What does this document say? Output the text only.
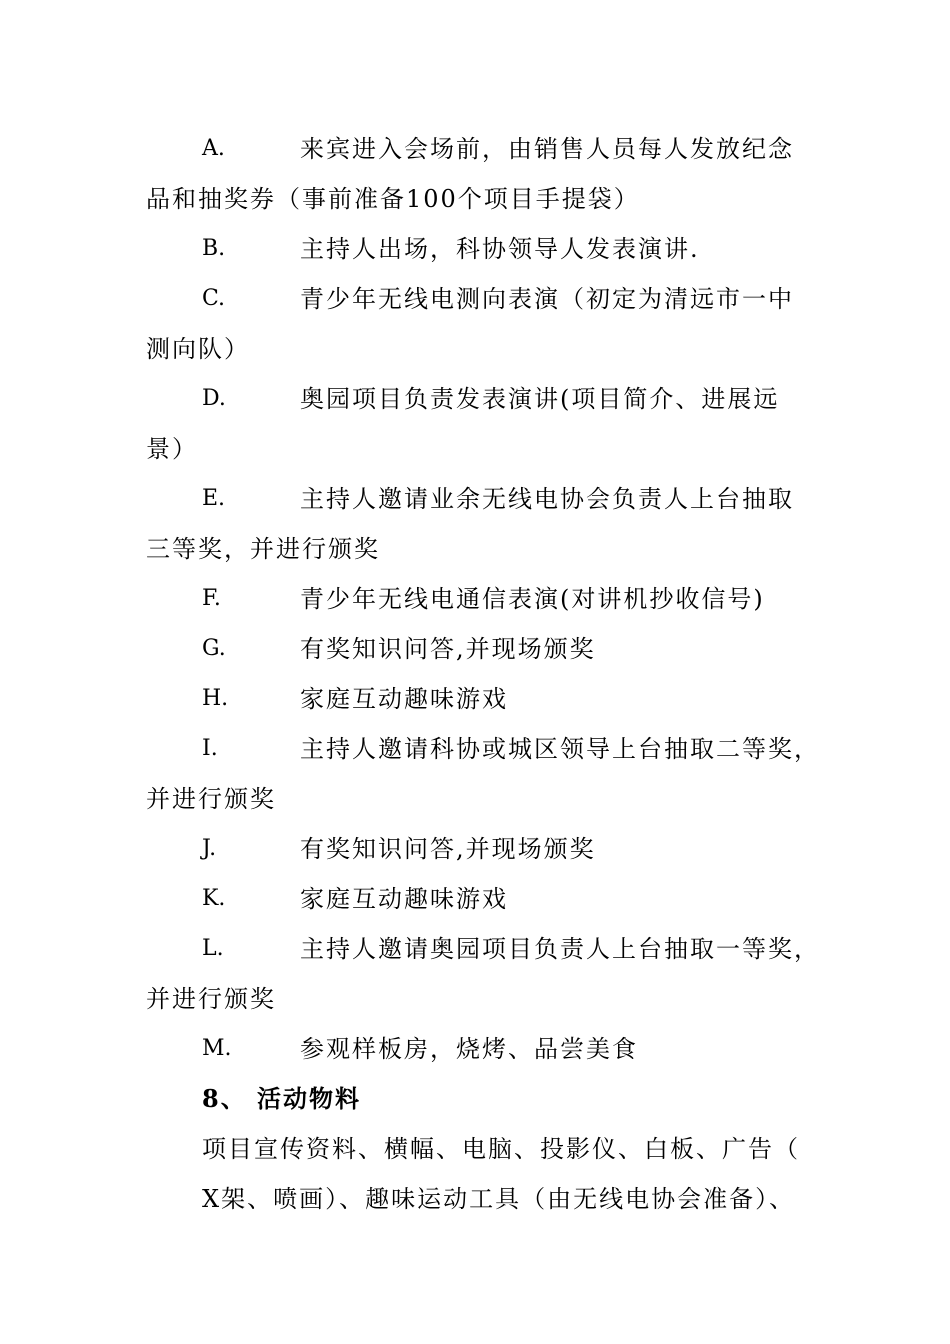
A.	来宾进入会场前，由销售人员每人发放纪念
品和抽奖券（事前准备100个项目手提袋）
B.	主持人出场，科协领导人发表演讲.
C.	青少年无线电测向表演（初定为清远市一中
测向队）
D.	奥园项目负责发表演讲(项目简介、进展远
景）
E.	主持人邀请业余无线电协会负责人上台抽取
三等奖，并进行颁奖
F.	青少年无线电通信表演(对讲机抄收信号)
G.	有奖知识问答,并现场颁奖
H.	家庭互动趣味游戏
I.	主持人邀请科协或城区领导上台抽取二等奖，
并进行颁奖
J.	有奖知识问答,并现场颁奖
K.	家庭互动趣味游戏
L.	主持人邀请奥园项目负责人上台抽取一等奖，
并进行颁奖
M.	参观样板房，烧烤、品尝美食
8、 活动物料
项目宣传资料、横幅、电脑、投影仪、白板、广告（
X架、喷画）、趣味运动工具（由无线电协会准备）、
